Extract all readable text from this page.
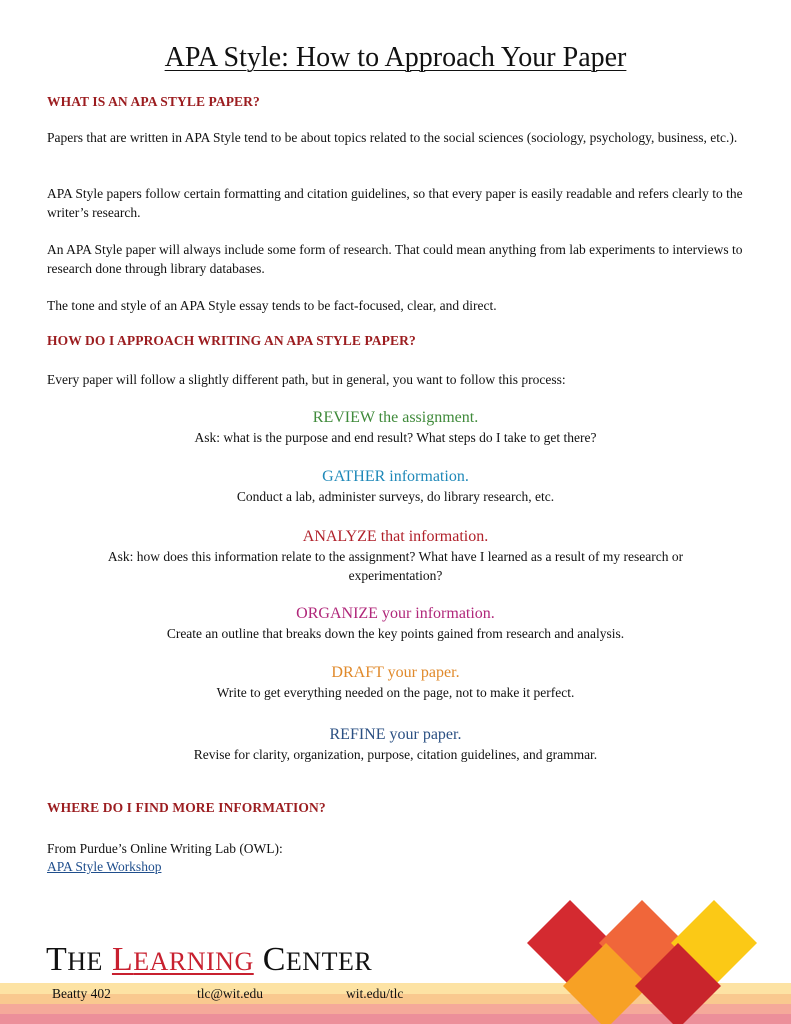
APA Style: How to Approach Your Paper
WHAT IS AN APA STYLE PAPER?
Papers that are written in APA Style tend to be about topics related to the social sciences (sociology, psychology, business, etc.).
APA Style papers follow certain formatting and citation guidelines, so that every paper is easily readable and refers clearly to the writer’s research.
An APA Style paper will always include some form of research. That could mean anything from lab experiments to interviews to research done through library databases.
The tone and style of an APA Style essay tends to be fact-focused, clear, and direct.
HOW DO I APPROACH WRITING AN APA STYLE PAPER?
Every paper will follow a slightly different path, but in general, you want to follow this process:
REVIEW the assignment.
Ask: what is the purpose and end result? What steps do I take to get there?
GATHER information.
Conduct a lab, administer surveys, do library research, etc.
ANALYZE that information.
Ask: how does this information relate to the assignment? What have I learned as a result of my research or experimentation?
ORGANIZE your information.
Create an outline that breaks down the key points gained from research and analysis.
DRAFT your paper.
Write to get everything needed on the page, not to make it perfect.
REFINE your paper.
Revise for clarity, organization, purpose, citation guidelines, and grammar.
WHERE DO I FIND MORE INFORMATION?
From Purdue’s Online Writing Lab (OWL):
APA Style Workshop
THE LEARNING CENTER
Beatty 402	tlc@wit.edu	wit.edu/tlc
